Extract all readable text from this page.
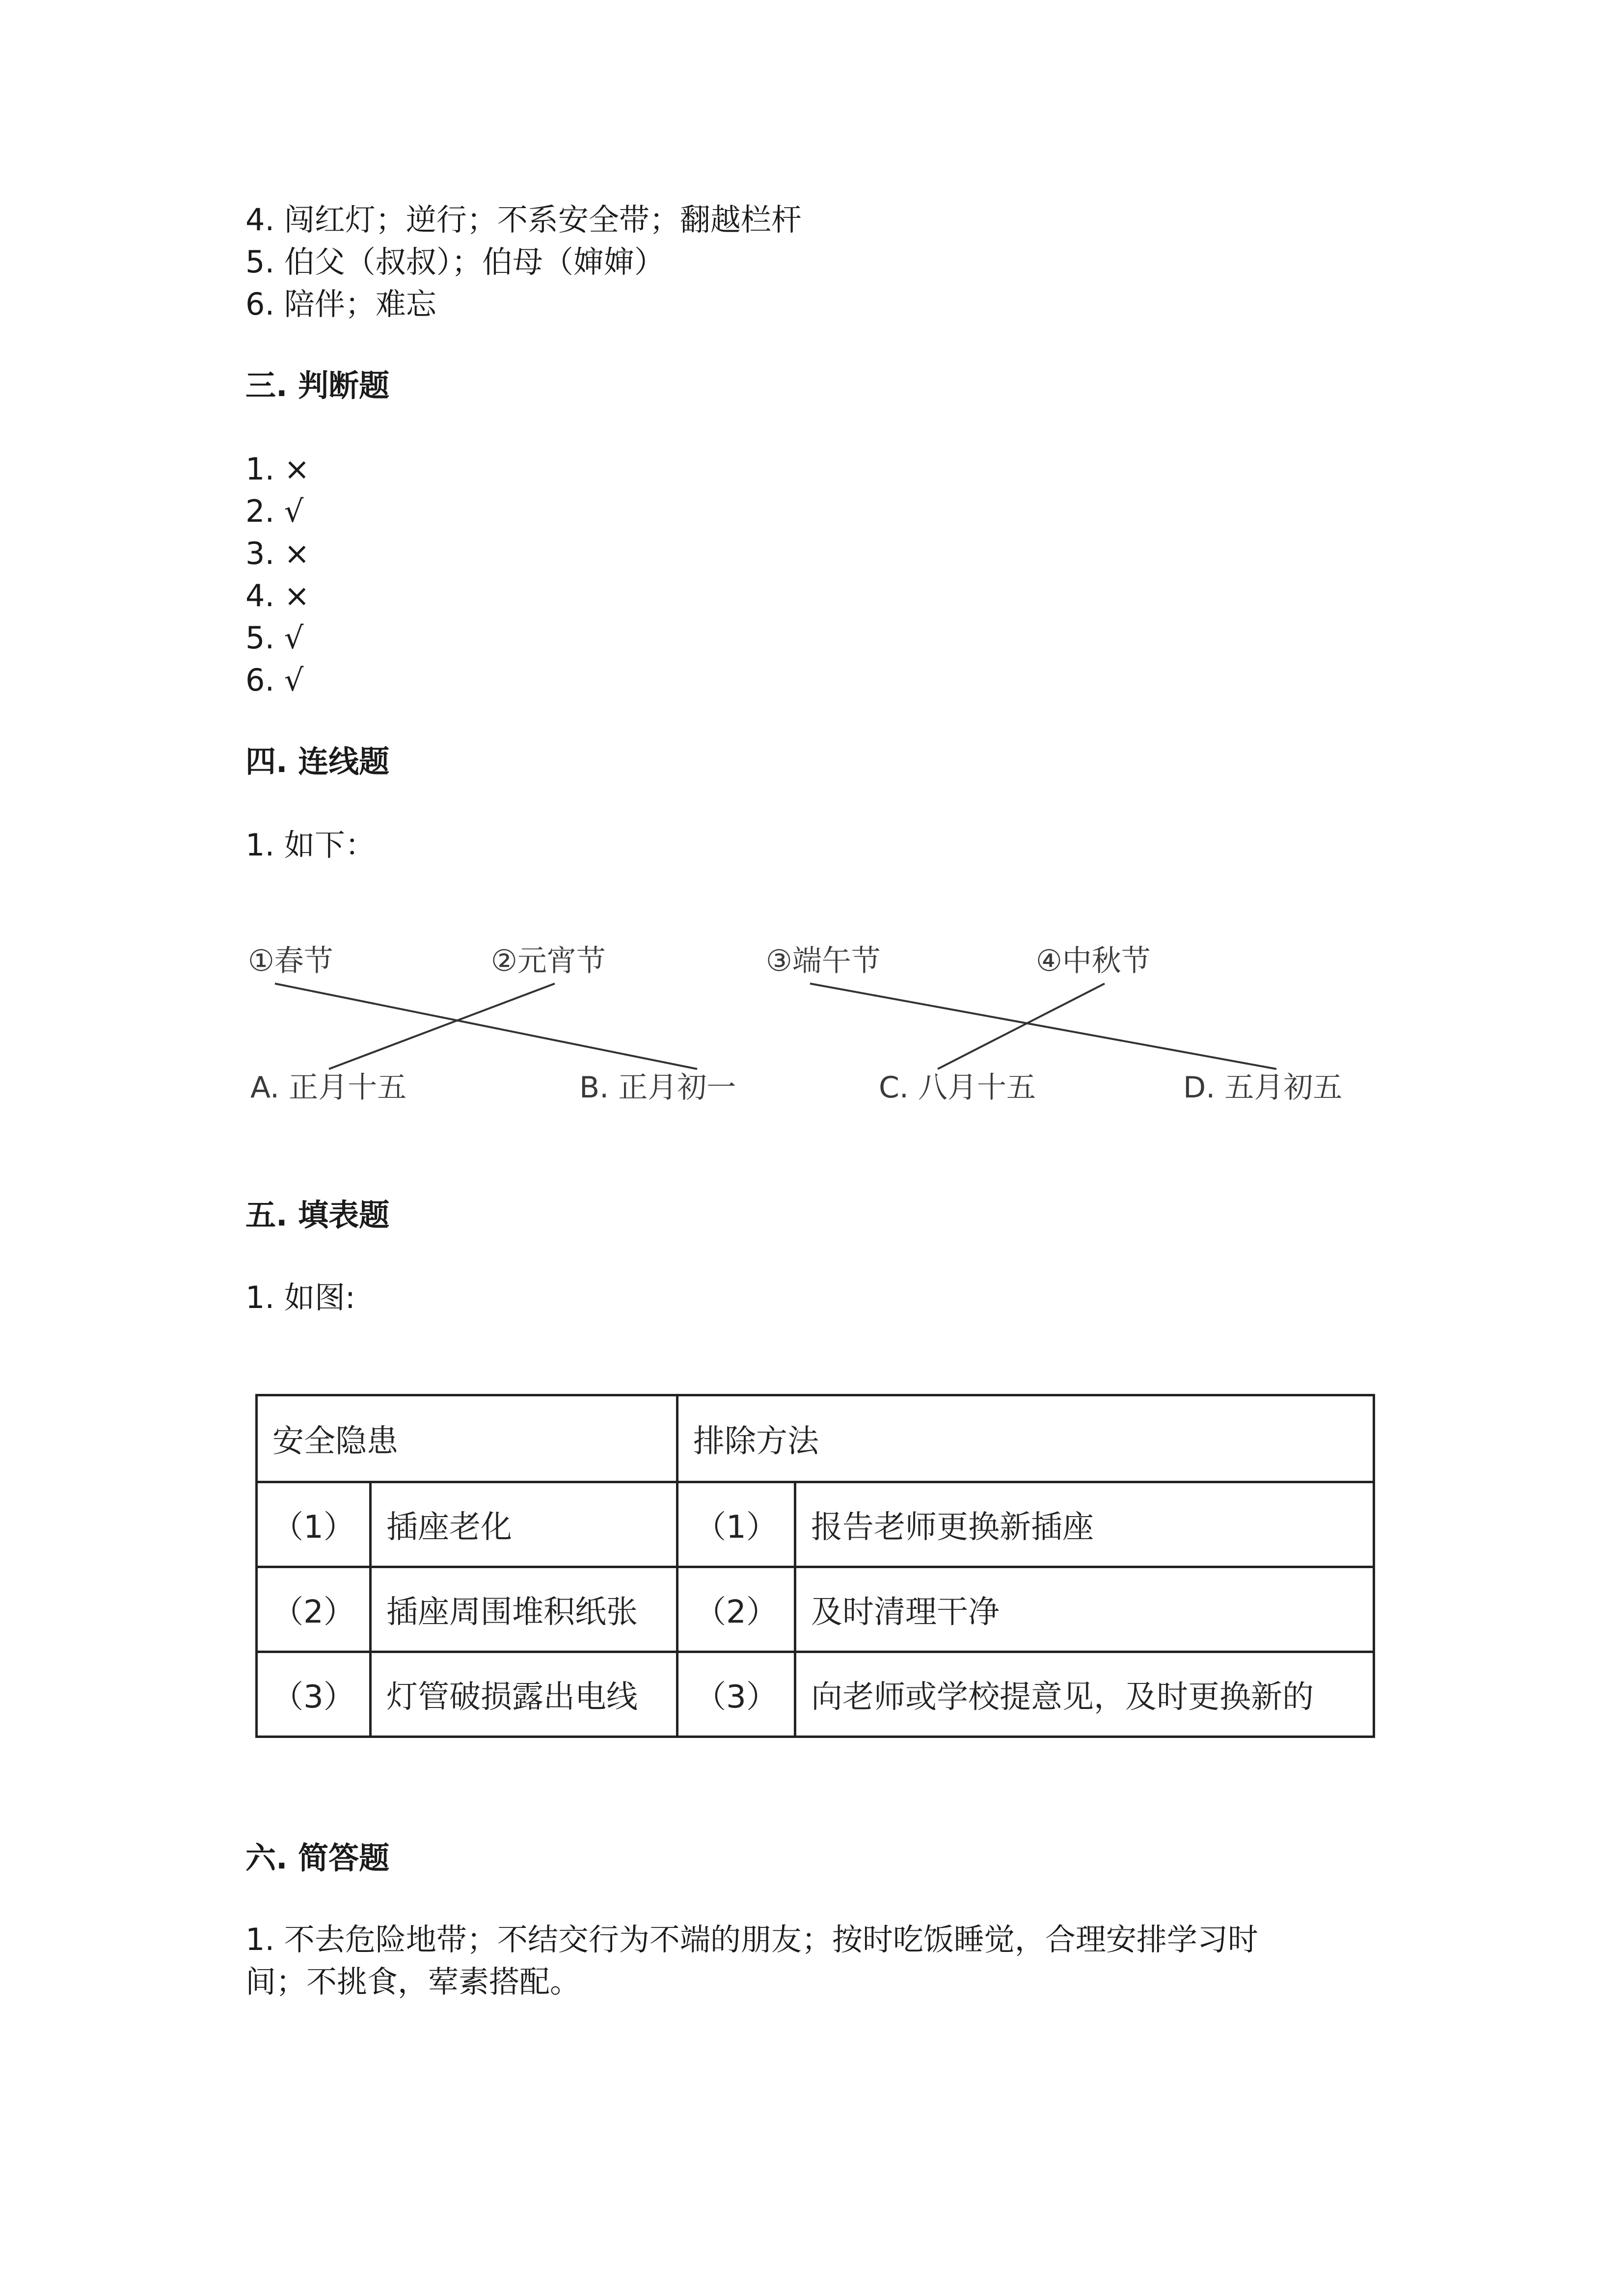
4. 闯红灯；逆行；不系安全带；翻越栏杆
5. 伯父（叔叔）；伯母（婶婶）
6. 陪伴；难忘
三. 判断题
1. ×
2. √
3. ×
4. ×
5. √
6. √
四. 连线题
1. 如下：
①春节	②元宵节	③端午节	④中秋节
A. 正月十五	B. 正月初一	C. 八月十五	D. 五月初五
五. 填表题
1. 如图:
安全隐患		排除方法	
（1）	插座老化	（1）	报告老师更换新插座
（2）	插座周围堆积纸张	（2）	及时清理干净
（3）	灯管破损露出电线	（3）	向老师或学校提意见，及时更换新的
六. 简答题
1. 不去危险地带；不结交行为不端的朋友；按时吃饭睡觉，合理安排学习时
间；不挑食，荤素搭配。
